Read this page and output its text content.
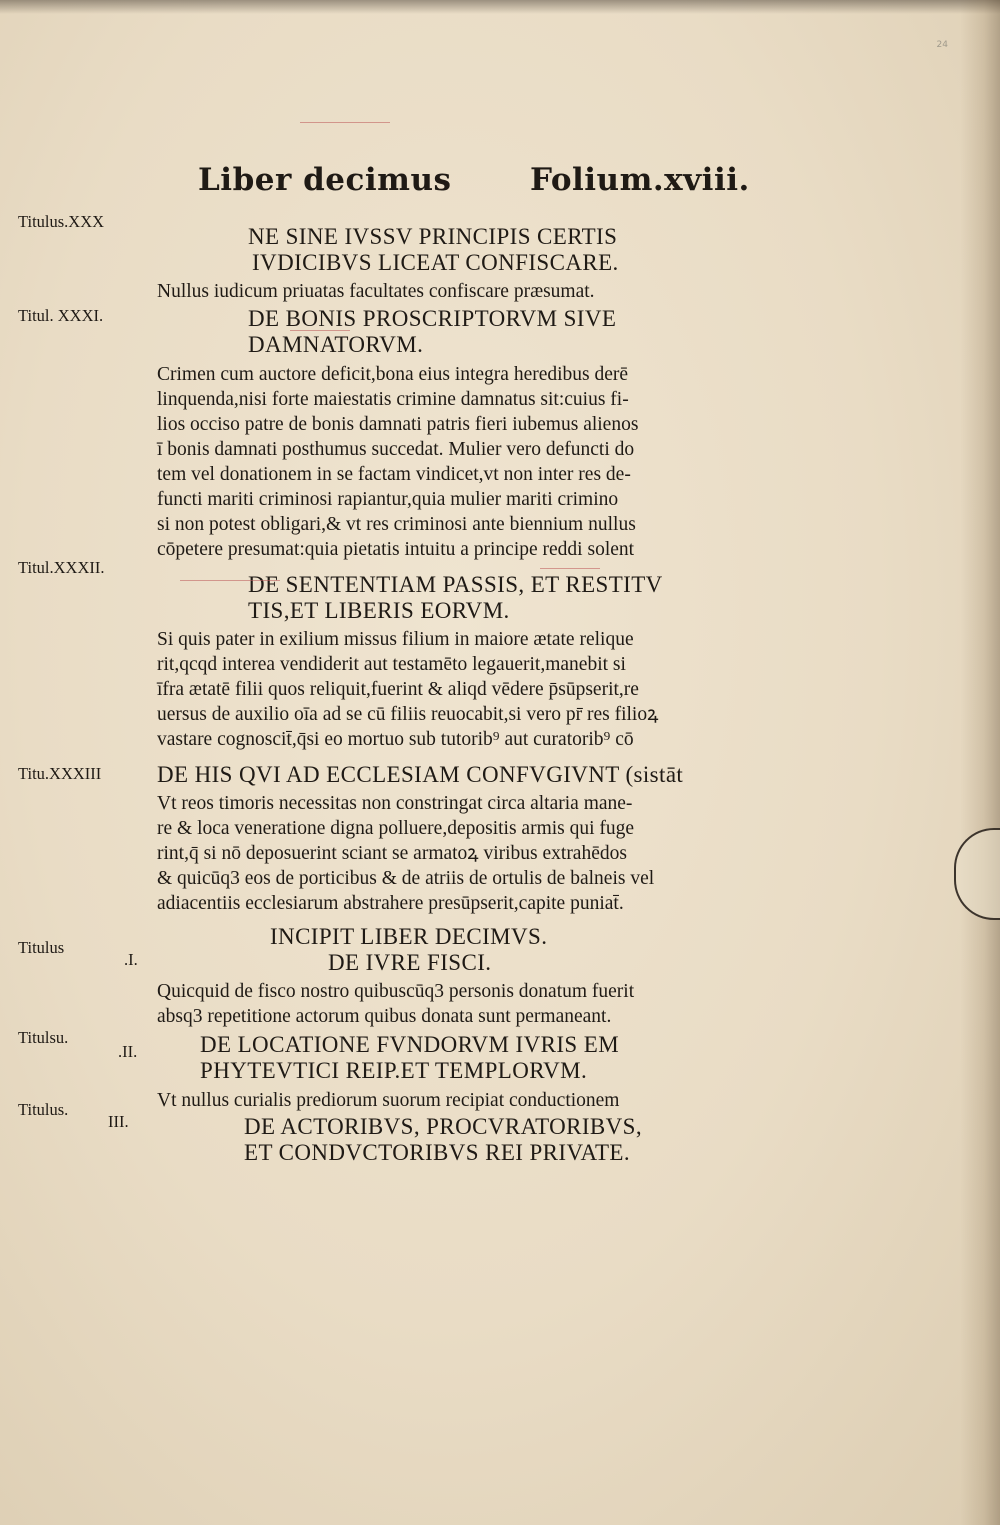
24
Liber decimus	Folium.xviii.
Titulus.XXX
Titul. XXXI.
Titul.XXXII.
Titu.XXXIII
Titulus
.I.
Titulsu.
.II.
Titulus.
III.
NE SINE IVSSV PRINCIPIS CERTIS
IVDICIBVS LICEAT CONFISCARE.
Nullus iudicum priuatas facultates confiscare præsumat.
DE BONIS PROSCRIPTORVM SIVE
DAMNATORVM.
Crimen cum auctore deficit,bona eius integra heredibus derē
linquenda,nisi forte maiestatis crimine damnatus sit:cuius fi-
lios occiso patre de bonis damnati patris fieri iubemus alienos
ī bonis damnati posthumus succedat. Mulier vero defuncti do
tem vel donationem in se factam vindicet,vt non inter res de-
functi mariti criminosi rapiantur,quia mulier mariti crimino
si non potest obligari,& vt res criminosi ante biennium nullus
cōpetere presumat:quia pietatis intuitu a principe reddi solent
DE SENTENTIAM PASSIS, ET RESTITV
TIS,ET LIBERIS EORVM.
Si quis pater in exilium missus filium in maiore ætate relique
rit,qcqd interea vendiderit aut testamēto legauerit,manebit si
īfra ætatē filii quos reliquit,fuerint & aliqd vēdere p̄sūpserit,re
uersus de auxilio oīa ad se cū filiis reuocabit,si vero pr̄ res filioꝝ
vastare cognoscit̄,q̄si eo mortuo sub tutorib⁹ aut curatorib⁹ cō
DE HIS QVI AD ECCLESIAM CONFVGIVNT (sistāt
Vt reos timoris necessitas non constringat circa altaria mane-
re & loca veneratione digna polluere,depositis armis qui fuge
rint,q̄ si nō deposuerint sciant se armatoꝝ viribus extrahēdos
& quicūq3 eos de porticibus & de atriis de ortulis de balneis vel
adiacentiis ecclesiarum abstrahere presūpserit,capite puniat̄.
INCIPIT LIBER DECIMVS.
DE IVRE FISCI.
Quicquid de fisco nostro quibuscūq3 personis donatum fuerit
absq3 repetitione actorum quibus donata sunt permaneant.
DE LOCATIONE FVNDORVM IVRIS EM
PHYTEVTICI REIP.ET TEMPLORVM.
Vt nullus curialis prediorum suorum recipiat conductionem
DE ACTORIBVS, PROCVRATORIBVS,
ET CONDVCTORIBVS REI PRIVATE.
